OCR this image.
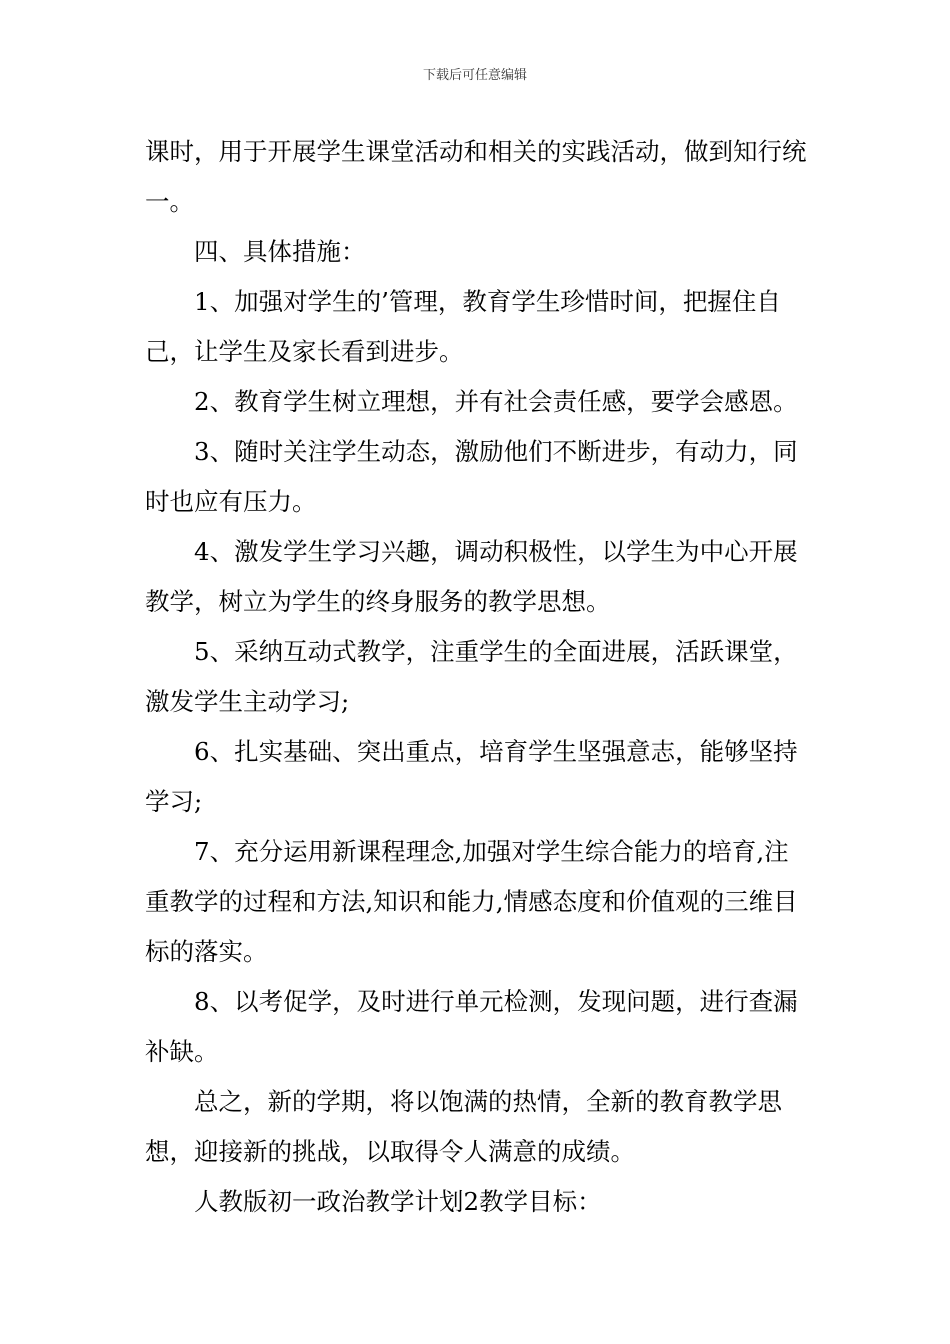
下载后可任意编辑

课时，用于开展学生课堂活动和相关的实践活动，做到知行统一。

四、具体措施：

1、加强对学生的’管理，教育学生珍惜时间，把握住自己，让学生及家长看到进步。

2、教育学生树立理想，并有社会责任感，要学会感恩。

3、随时关注学生动态，激励他们不断进步，有动力，同时也应有压力。

4、激发学生学习兴趣，调动积极性，以学生为中心开展教学，树立为学生的终身服务的教学思想。

5、采纳互动式教学，注重学生的全面进展，活跃课堂，激发学生主动学习;

6、扎实基础、突出重点，培育学生坚强意志，能够坚持学习;

7、充分运用新课程理念,加强对学生综合能力的培育,注重教学的过程和方法,知识和能力,情感态度和价值观的三维目标的落实。

8、以考促学，及时进行单元检测，发现问题，进行查漏补缺。

总之，新的学期，将以饱满的热情，全新的教育教学思想，迎接新的挑战，以取得令人满意的成绩。

人教版初一政治教学计划2教学目标：
